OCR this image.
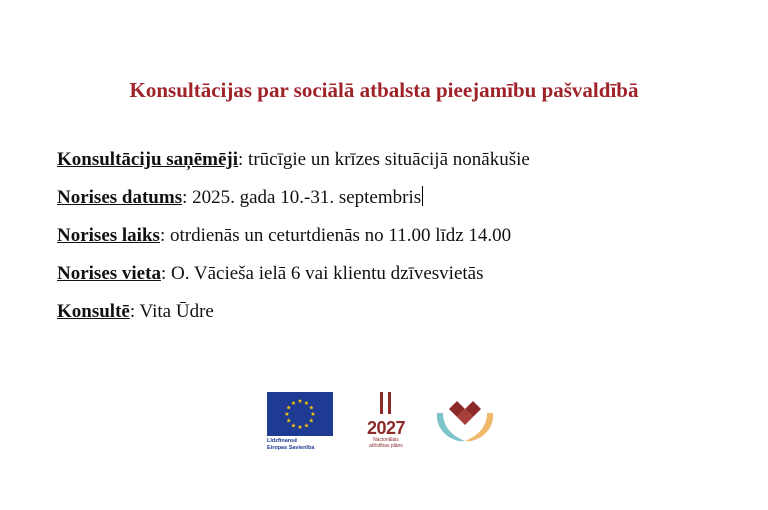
Konsultācijas par sociālā atbalsta pieejamību pašvaldībā
Konsultāciju saņēmēji: trūcīgie un krīzes situācijā nonākušie
Norises datums: 2025. gada 10.-31. septembris
Norises laiks: otrdienās un ceturtdienās no 11.00 līdz 14.00
Norises vieta: O. Vācieša ielā 6 vai klientu dzīvesvietās
Konsultē: Vita Ūdre
★
★
★
★
★
★
★
★
★ ★ ★
★
Līdzfinansē
Eiropas Savienība
2027
Nacionālais
attīstības plāns
